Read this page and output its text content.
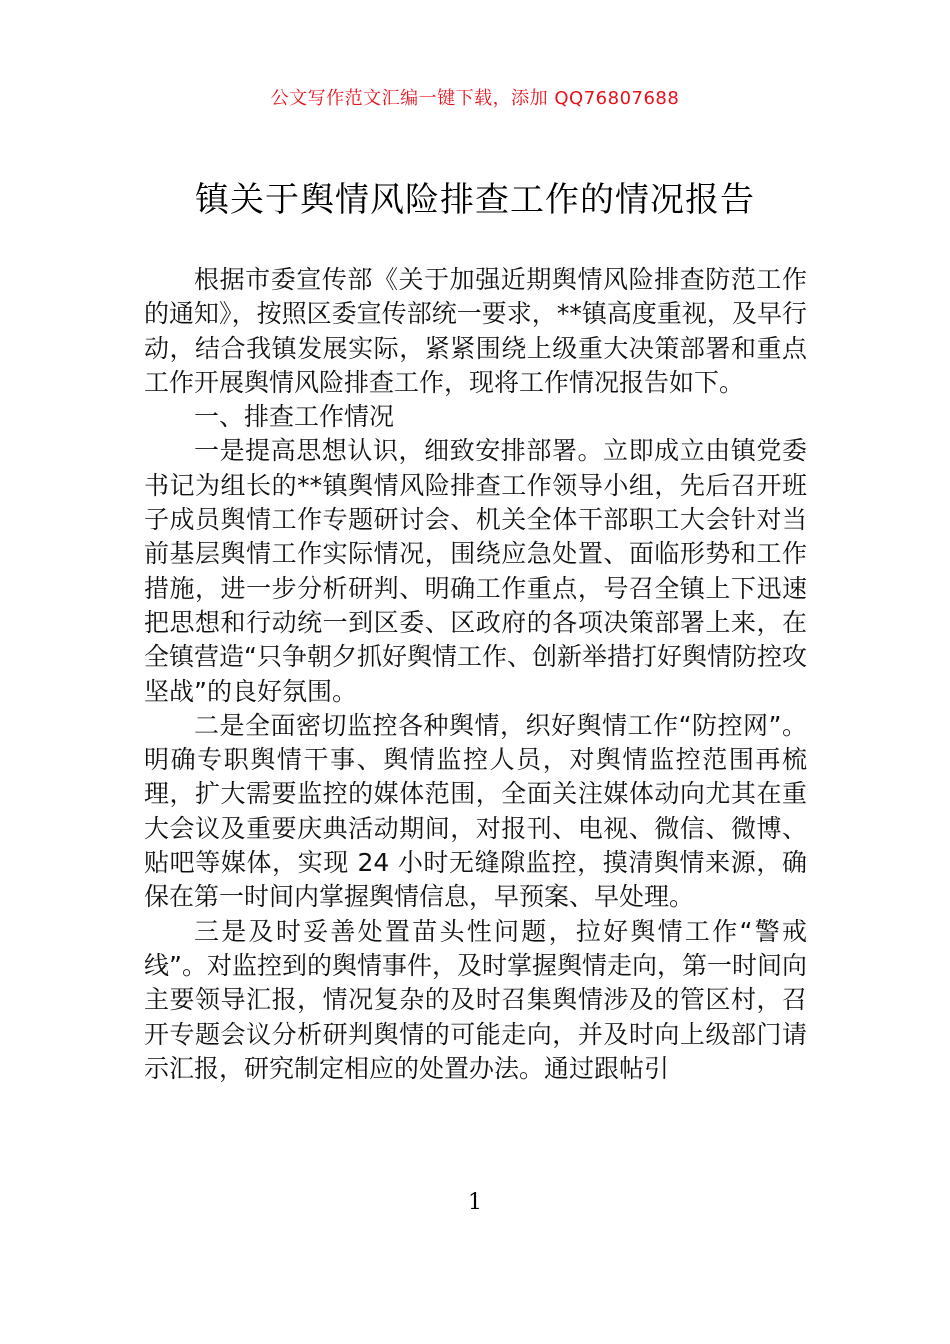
公文写作范文汇编一键下载，添加 QQ76807688
镇关于舆情风险排查工作的情况报告

根据市委宣传部《关于加强近期舆情风险排查防范工作的通知》，按照区委宣传部统一要求，**镇高度重视，及早行动，结合我镇发展实际，紧紧围绕上级重大决策部署和重点工作开展舆情风险排查工作，现将工作情况报告如下。

一、排查工作情况

一是提高思想认识，细致安排部署。立即成立由镇党委书记为组长的**镇舆情风险排查工作领导小组，先后召开班子成员舆情工作专题研讨会、机关全体干部职工大会针对当前基层舆情工作实际情况，围绕应急处置、面临形势和工作措施，进一步分析研判、明确工作重点，号召全镇上下迅速把思想和行动统一到区委、区政府的各项决策部署上来，在全镇营造“只争朝夕抓好舆情工作、创新举措打好舆情防控攻坚战”的良好氛围。

二是全面密切监控各种舆情，织好舆情工作“防控网”。明确专职舆情干事、舆情监控人员，对舆情监控范围再梳理，扩大需要监控的媒体范围，全面关注媒体动向尤其在重大会议及重要庆典活动期间，对报刊、电视、微信、微博、贴吧等媒体，实现 24 小时无缝隙监控，摸清舆情来源，确保在第一时间内掌握舆情信息，早预案、早处理。

三是及时妥善处置苗头性问题，拉好舆情工作“警戒线”。对监控到的舆情事件，及时掌握舆情走向，第一时间向主要领导汇报，情况复杂的及时召集舆情涉及的管区村，召开专题会议分析研判舆情的可能走向，并及时向上级部门请示汇报，研究制定相应的处置办法。通过跟帖引

1
